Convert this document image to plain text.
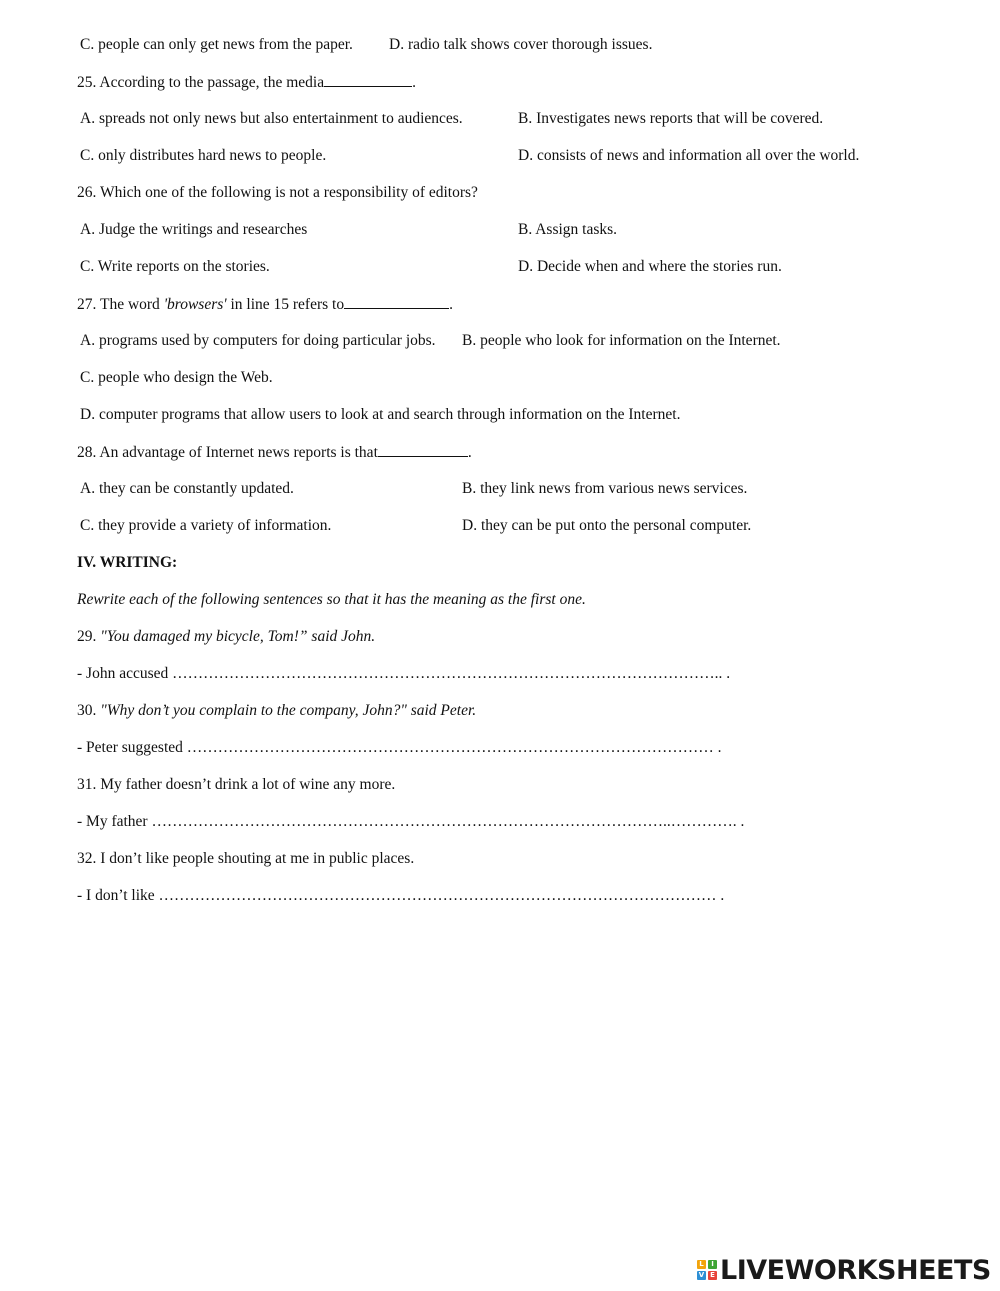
C. people can only get news from the paper. D. radio talk shows cover thorough issues.
25. According to the passage, the media	.
A. spreads not only news but also entertainment to audiences.	B. Investigates news reports that will be covered.
C. only distributes hard news to people.	D. consists of news and information all over the world.
26. Which one of the following is not a responsibility of editors?
A. Judge the writings and researches	B. Assign tasks.
C. Write reports on the stories.	D. Decide when and where the stories run.
27. The word 'browsers' in line 15 refers to	.
A. programs used by computers for doing particular jobs. B. people who look for information on the Internet.
C. people who design the Web.
D. computer programs that allow users to look at and search through information on the Internet.
28. An advantage of Internet news reports is that	.
A. they can be constantly updated.	B. they link news from various news services.
C. they provide a variety of information.	D. they can be put onto the personal computer.
IV. WRITING:
Rewrite each of the following sentences so that it has the meaning as the first one.
29. "You damaged my bicycle, Tom!” said John.
- John accused …………………………………………………………………………………………….. .
30. "Why don’t you complain to the company, John?" said Peter.
- Peter suggested ………………………………………………………………………………………… .
31. My father doesn’t drink a lot of wine any more.
- My father ………………………………………………………………………………………..…………. .
32. I don’t like people shouting at me in public places.
- I don’t like ……………………………………………………………………………………………… .
L	I
V E LIVEWORKSHEETS
